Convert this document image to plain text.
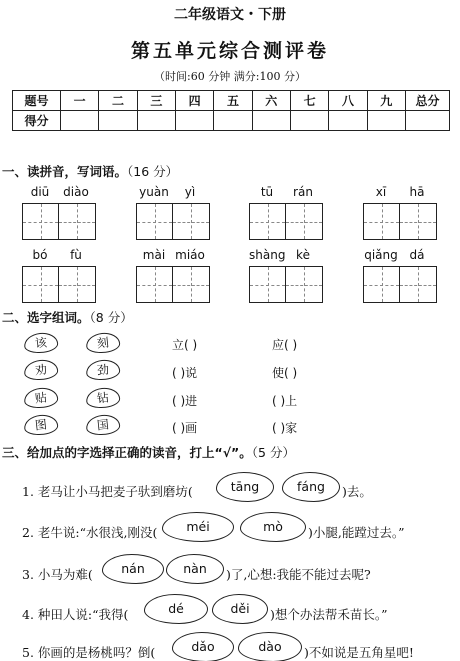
二年级语文・下册
第五单元综合测评卷
（时间:60 分钟 满分:100 分）
题号	一	二	三	四	五	六	七	八	九	总分
得分										
一、读拼音，写词语。（16 分）
diū	diào	yuàn	yì	tū	rán	xī	hā
bó	fù	mài miáo	shàng kè	qiǎng dá
二、选字组词。（8 分）
该	刻	立( )	应( )
劝	劲	( )说	使( )
贴	钻	( )进	( )上
图	国	( )画	( )家
三、给加点的字选择正确的读音，打上“√”。（5 分）
1. 老马让小马把麦子驮到磨坊(	tāng	fáng	)去。
2. 老牛说:“水很浅,刚没(	méi	mò	)小腿,能蹚过去。”
3. 小马为难(	nán	nàn	)了,心想:我能不能过去呢?
4. 种田人说:“我得(	dé	děi	)想个办法帮禾苗长。”
5. 你画的是杨桃吗？倒(	dǎo	dào	)不如说是五角星吧!
